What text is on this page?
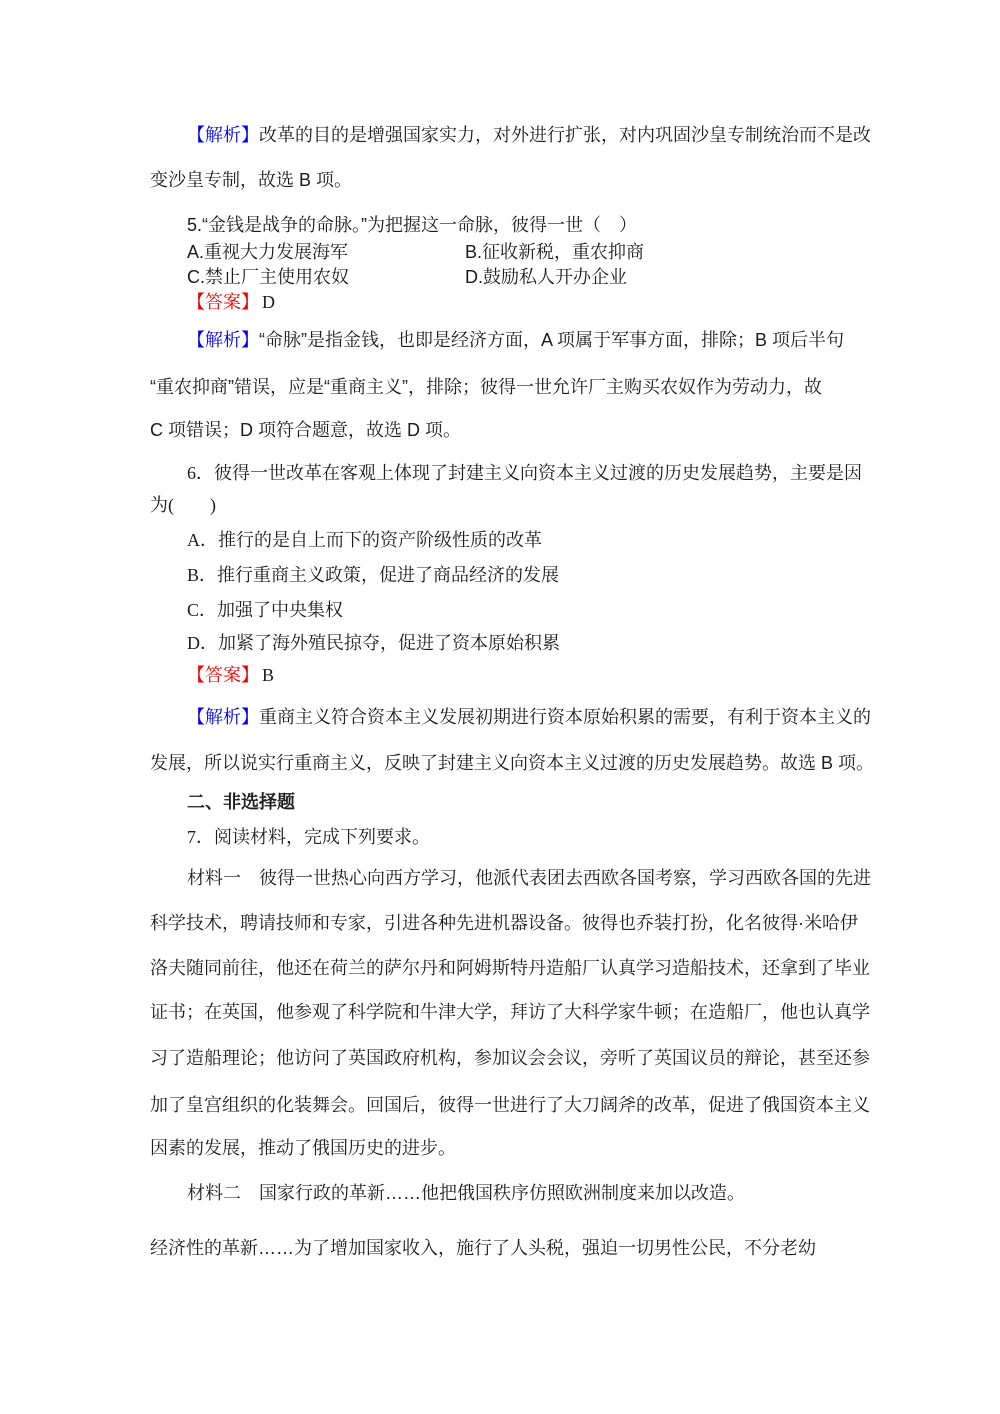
【解析】改革的目的是增强国家实力，对外进行扩张，对内巩固沙皇专制统治而不是改
变沙皇专制，故选 B 项。
5.“金钱是战争的命脉。”为把握这一命脉，彼得一世（　）
A.重视大力发展海军	B.征收新税，重农抑商
C.禁止厂主使用农奴	D.鼓励私人开办企业
【答案】 D
【解析】“命脉”是指金钱，也即是经济方面，A 项属于军事方面，排除；B 项后半句
“重农抑商”错误，应是“重商主义”，排除；彼得一世允许厂主购买农奴作为劳动力，故
C 项错误；D 项符合题意，故选 D 项。
6．彼得一世改革在客观上体现了封建主义向资本主义过渡的历史发展趋势，主要是因
为(　　)
A．推行的是自上而下的资产阶级性质的改革
B．推行重商主义政策，促进了商品经济的发展
C．加强了中央集权
D．加紧了海外殖民掠夺，促进了资本原始积累
【答案】 B
【解析】重商主义符合资本主义发展初期进行资本原始积累的需要，有利于资本主义的
发展，所以说实行重商主义，反映了封建主义向资本主义过渡的历史发展趋势。故选 B 项。
二、非选择题
7．阅读材料，完成下列要求。
材料一　彼得一世热心向西方学习，他派代表团去西欧各国考察，学习西欧各国的先进
科学技术，聘请技师和专家，引进各种先进机器设备。彼得也乔装打扮，化名彼得·米哈伊
洛夫随同前往，他还在荷兰的萨尔丹和阿姆斯特丹造船厂认真学习造船技术，还拿到了毕业
证书；在英国，他参观了科学院和牛津大学，拜访了大科学家牛顿；在造船厂，他也认真学
习了造船理论；他访问了英国政府机构，参加议会会议，旁听了英国议员的辩论，甚至还参
加了皇宫组织的化装舞会。回国后，彼得一世进行了大刀阔斧的改革，促进了俄国资本主义
因素的发展，推动了俄国历史的进步。
材料二　国家行政的革新……他把俄国秩序仿照欧洲制度来加以改造。
经济性的革新……为了增加国家收入，施行了人头税，强迫一切男性公民，不分老幼
